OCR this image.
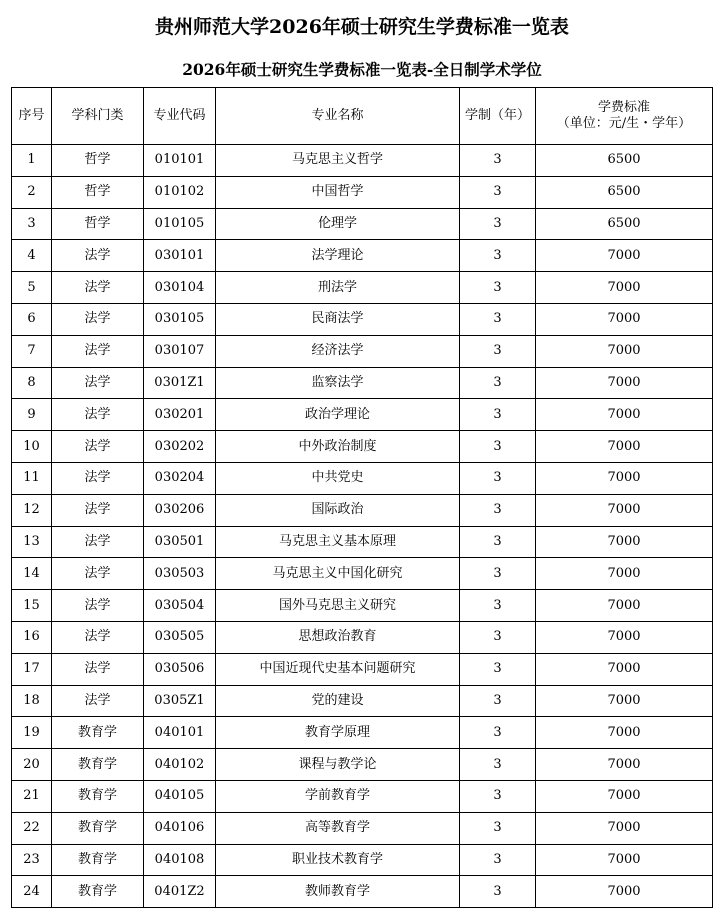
贵州师范大学2026年硕士研究生学费标准一览表
2026年硕士研究生学费标准一览表-全日制学术学位
序号	学科门类	专业代码	专业名称	学制（年）	学费标准
（单位：元/生・学年）

1	哲学	010101	马克思主义哲学	3	6500
2	哲学	010102	中国哲学	3	6500
3	哲学	010105	伦理学	3	6500
4	法学	030101	法学理论	3	7000
5	法学	030104	刑法学	3	7000
6	法学	030105	民商法学	3	7000
7	法学	030107	经济法学	3	7000
8	法学	0301Z1	监察法学	3	7000
9	法学	030201	政治学理论	3	7000
10	法学	030202	中外政治制度	3	7000
11	法学	030204	中共党史	3	7000
12	法学	030206	国际政治	3	7000
13	法学	030501	马克思主义基本原理	3	7000
14	法学	030503	马克思主义中国化研究	3	7000
15	法学	030504	国外马克思主义研究	3	7000
16	法学	030505	思想政治教育	3	7000
17	法学	030506	中国近现代史基本问题研究	3	7000
18	法学	0305Z1	党的建设	3	7000
19	教育学	040101	教育学原理	3	7000
20	教育学	040102	课程与教学论	3	7000
21	教育学	040105	学前教育学	3	7000
22	教育学	040106	高等教育学	3	7000
23	教育学	040108	职业技术教育学	3	7000
24	教育学	0401Z2	教师教育学	3	7000
